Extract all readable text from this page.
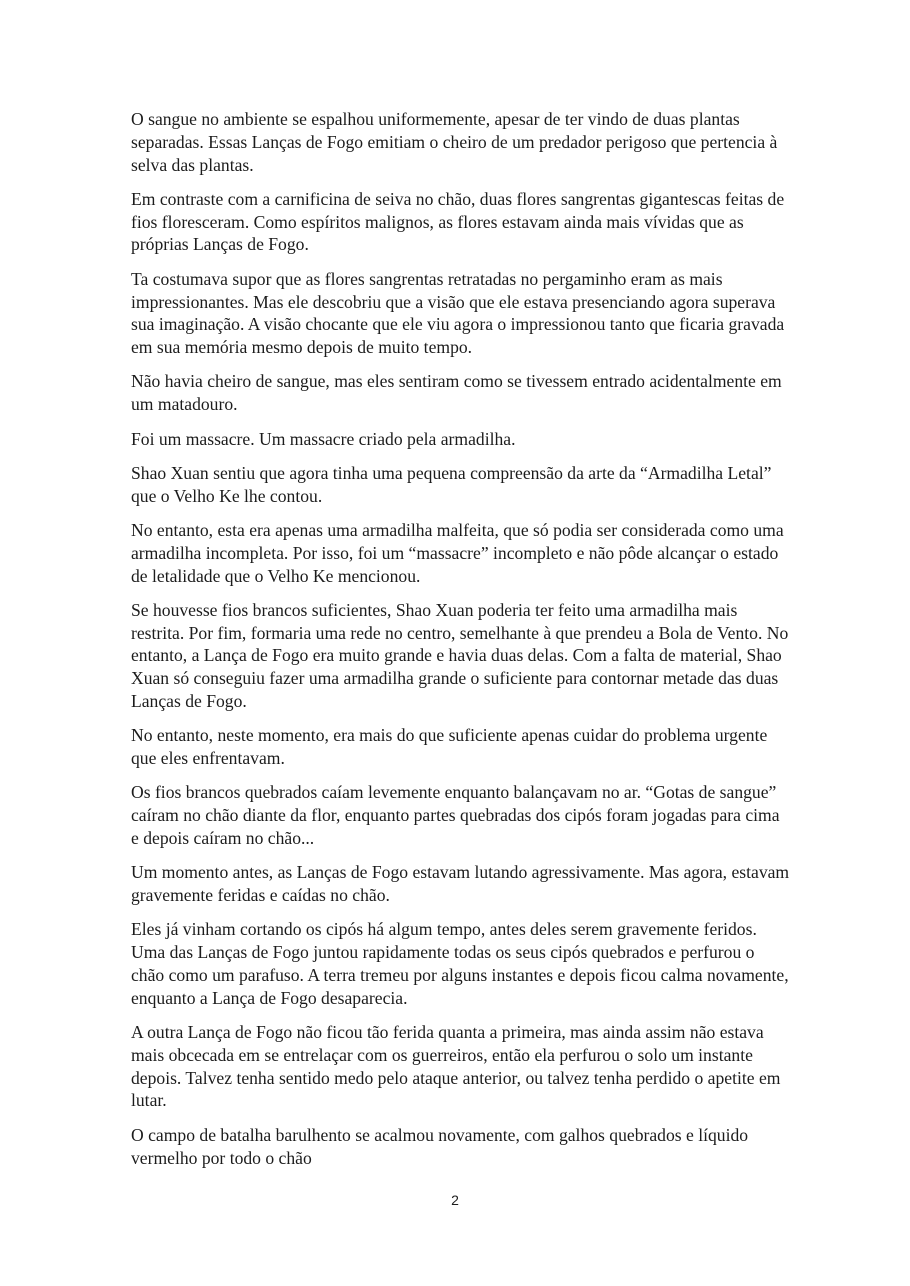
O sangue no ambiente se espalhou uniformemente, apesar de ter vindo de duas plantas separadas. Essas Lanças de Fogo emitiam o cheiro de um predador perigoso que pertencia à selva das plantas.

Em contraste com a carnificina de seiva no chão, duas flores sangrentas gigantescas feitas de fios floresceram. Como espíritos malignos, as flores estavam ainda mais vívidas que as próprias Lanças de Fogo.

Ta costumava supor que as flores sangrentas retratadas no pergaminho eram as mais impressionantes. Mas ele descobriu que a visão que ele estava presenciando agora superava sua imaginação. A visão chocante que ele viu agora o impressionou tanto que ficaria gravada em sua memória mesmo depois de muito tempo.

Não havia cheiro de sangue, mas eles sentiram como se tivessem entrado acidentalmente em um matadouro.

Foi um massacre. Um massacre criado pela armadilha.

Shao Xuan sentiu que agora tinha uma pequena compreensão da arte da “Armadilha Letal” que o Velho Ke lhe contou.

No entanto, esta era apenas uma armadilha malfeita, que só podia ser considerada como uma armadilha incompleta. Por isso, foi um “massacre” incompleto e não pôde alcançar o estado de letalidade que o Velho Ke mencionou.

Se houvesse fios brancos suficientes, Shao Xuan poderia ter feito uma armadilha mais restrita. Por fim, formaria uma rede no centro, semelhante à que prendeu a Bola de Vento. No entanto, a Lança de Fogo era muito grande e havia duas delas. Com a falta de material, Shao Xuan só conseguiu fazer uma armadilha grande o suficiente para contornar metade das duas Lanças de Fogo.

No entanto, neste momento, era mais do que suficiente apenas cuidar do problema urgente que eles enfrentavam.

Os fios brancos quebrados caíam levemente enquanto balançavam no ar. “Gotas de sangue” caíram no chão diante da flor, enquanto partes quebradas dos cipós foram jogadas para cima e depois caíram no chão...

Um momento antes, as Lanças de Fogo estavam lutando agressivamente. Mas agora, estavam gravemente feridas e caídas no chão.

Eles já vinham cortando os cipós há algum tempo, antes deles serem gravemente feridos. Uma das Lanças de Fogo juntou rapidamente todas os seus cipós quebrados e perfurou o chão como um parafuso. A terra tremeu por alguns instantes e depois ficou calma novamente, enquanto a Lança de Fogo desaparecia.

A outra Lança de Fogo não ficou tão ferida quanta a primeira, mas ainda assim não estava mais obcecada em se entrelaçar com os guerreiros, então ela perfurou o solo um instante depois. Talvez tenha sentido medo pelo ataque anterior, ou talvez tenha perdido o apetite em lutar.

O campo de batalha barulhento se acalmou novamente, com galhos quebrados e líquido vermelho por todo o chão

2
